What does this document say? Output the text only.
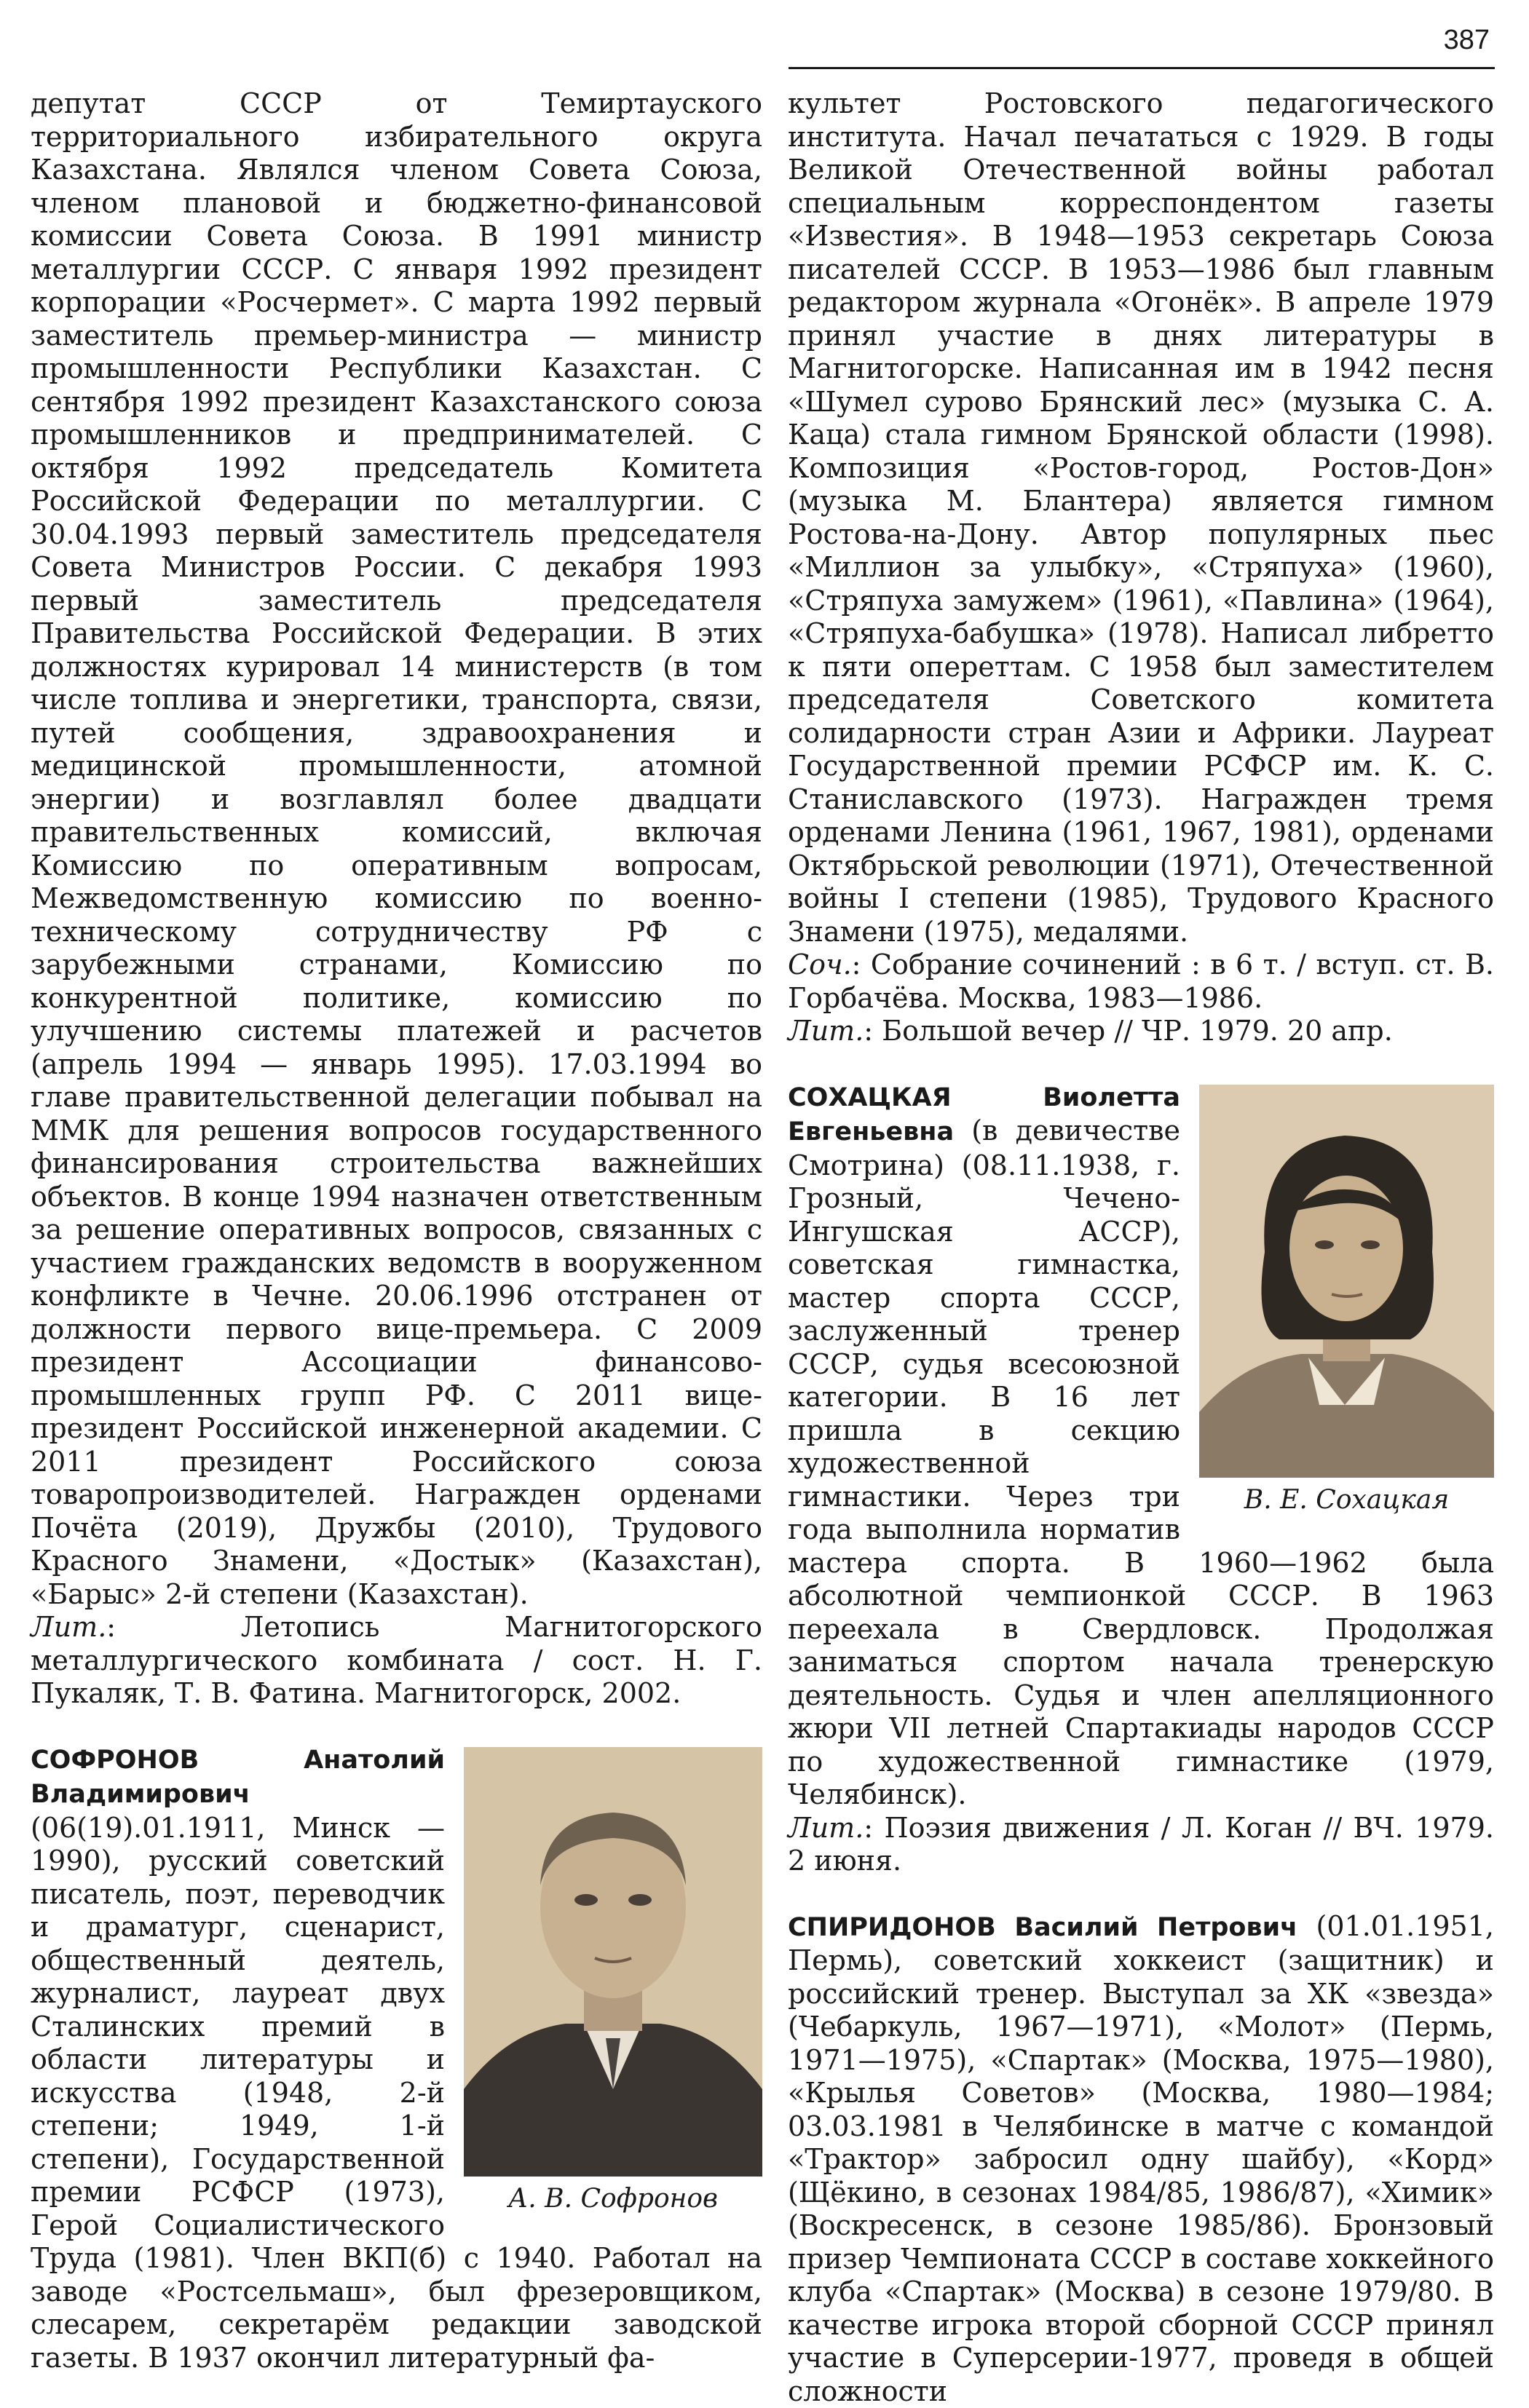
387

депутат СССР от Темиртауского территориального избирательного округа Казахстана. Являлся членом Совета Союза, членом плановой и бюджетно-финансовой комиссии Совета Союза. В 1991 министр металлургии СССР. С января 1992 президент корпорации «Росчермет». С марта 1992 первый заместитель премьер-министра — министр промышленности Республики Казахстан. С сентября 1992 президент Казахстанского союза промышленников и предпринимателей. С октября 1992 председатель Комитета Российской Федерации по металлургии. С 30.04.1993 первый заместитель председателя Совета Министров России. С декабря 1993 первый заместитель председателя Правительства Российской Федерации. В этих должностях курировал 14 министерств (в том числе топлива и энергетики, транспорта, связи, путей сообщения, здравоохранения и медицинской промышленности, атомной энергии) и возглавлял более двадцати правительственных комиссий, включая Комиссию по оперативным вопросам, Межведомственную комиссию по военно-техническому сотрудничеству РФ с зарубежными странами, Комиссию по конкурентной политике, комиссию по улучшению системы платежей и расчетов (апрель 1994 — январь 1995). 17.03.1994 во главе правительственной делегации побывал на ММК для решения вопросов государственного финансирования строительства важнейших объектов. В конце 1994 назначен ответственным за решение оперативных вопросов, связанных с участием гражданских ведомств в вооруженном конфликте в Чечне. 20.06.1996 отстранен от должности первого вице-премьера. С 2009 президент Ассоциации финансово-промышленных групп РФ. С 2011 вице-президент Российской инженерной академии. С 2011 президент Российского союза товаропроизводителей. Награжден орденами Почёта (2019), Дружбы (2010), Трудового Красного Знамени, «Достык» (Казахстан), «Барыс» 2-й степени (Казахстан).

Лит.: Летопись Магнитогорского металлургического комбината / сост. Н. Г. Пукаляк, Т. В. Фатина. Магнитогорск, 2002.

А. В. Софронов
СОФРОНОВ Анатолий Владимирович (06(19).01.1911, Минск —1990), русский советский писатель, поэт, переводчик и драматург, сценарист, общественный деятель, журналист, лауреат двух Сталинских премий в области литературы и искусства (1948, 2-й степени; 1949, 1-й степени), Государственной премии РСФСР (1973), Герой Социалистического Труда (1981). Член ВКП(б) с 1940. Работал на заводе «Ростсельмаш», был фрезеровщиком, слесарем, секретарём редакции заводской газеты. В 1937 окончил литературный фа-

культет Ростовского педагогического института. Начал печататься с 1929. В годы Великой Отечественной войны работал специальным корреспондентом газеты «Известия». В 1948—1953 секретарь Союза писателей СССР. В 1953—1986 был главным редактором журнала «Огонёк». В апреле 1979 принял участие в днях литературы в Магнитогорске. Написанная им в 1942 песня «Шумел сурово Брянский лес» (музыка С. А. Каца) стала гимном Брянской области (1998). Композиция «Ростов-город, Ростов-Дон» (музыка М. Блантера) является гимном Ростова-на-Дону. Автор популярных пьес «Миллион за улыбку», «Стряпуха» (1960), «Стряпуха замужем» (1961), «Павлина» (1964), «Стряпуха-бабушка» (1978). Написал либретто к пяти опереттам. С 1958 был заместителем председателя Советского комитета солидарности стран Азии и Африки. Лауреат Государственной премии РСФСР им. К. С. Станиславского (1973). Награжден тремя орденами Ленина (1961, 1967, 1981), орденами Октябрьской революции (1971), Отечественной войны I степени (1985), Трудового Красного Знамени (1975), медалями.

Соч.: Собрание сочинений : в 6 т. / вступ. ст. В. Горбачёва. Москва, 1983—1986.

Лит.: Большой вечер // ЧР. 1979. 20 апр.

В. Е. Сохацкая
СОХАЦКАЯ Виолетта Евгеньевна (в девичестве Смотрина) (08.11.1938, г. Грозный, Чечено-Ингушская АССР), советская гимнастка, мастер спорта СССР, заслуженный тренер СССР, судья всесоюзной категории. В 16 лет пришла в секцию художественной гимнастики. Через три года выполнила норматив мастера спорта. В 1960—1962 была абсолютной чемпионкой СССР. В 1963 переехала в Свердловск. Продолжая заниматься спортом начала тренерскую деятельность. Судья и член апелляционного жюри VII летней Спартакиады народов СССР по художественной гимнастике (1979, Челябинск).

Лит.: Поэзия движения / Л. Коган // ВЧ. 1979. 2 июня.

СПИРИДОНОВ Василий Петрович (01.01.1951, Пермь), советский хоккеист (защитник) и российский тренер. Выступал за ХК «звезда» (Чебаркуль, 1967—1971), «Молот» (Пермь, 1971—1975), «Спартак» (Москва, 1975—1980), «Крылья Советов» (Москва, 1980—1984; 03.03.1981 в Челябинске в матче с командой «Трактор» забросил одну шайбу), «Корд» (Щёкино, в сезонах 1984/85, 1986/87), «Химик» (Воскресенск, в сезоне 1985/86). Бронзовый призер Чемпионата СССР в составе хоккейного клуба «Спартак» (Москва) в сезоне 1979/80. В качестве игрока второй сборной СССР принял участие в Суперсерии-1977, проведя в общей сложности
